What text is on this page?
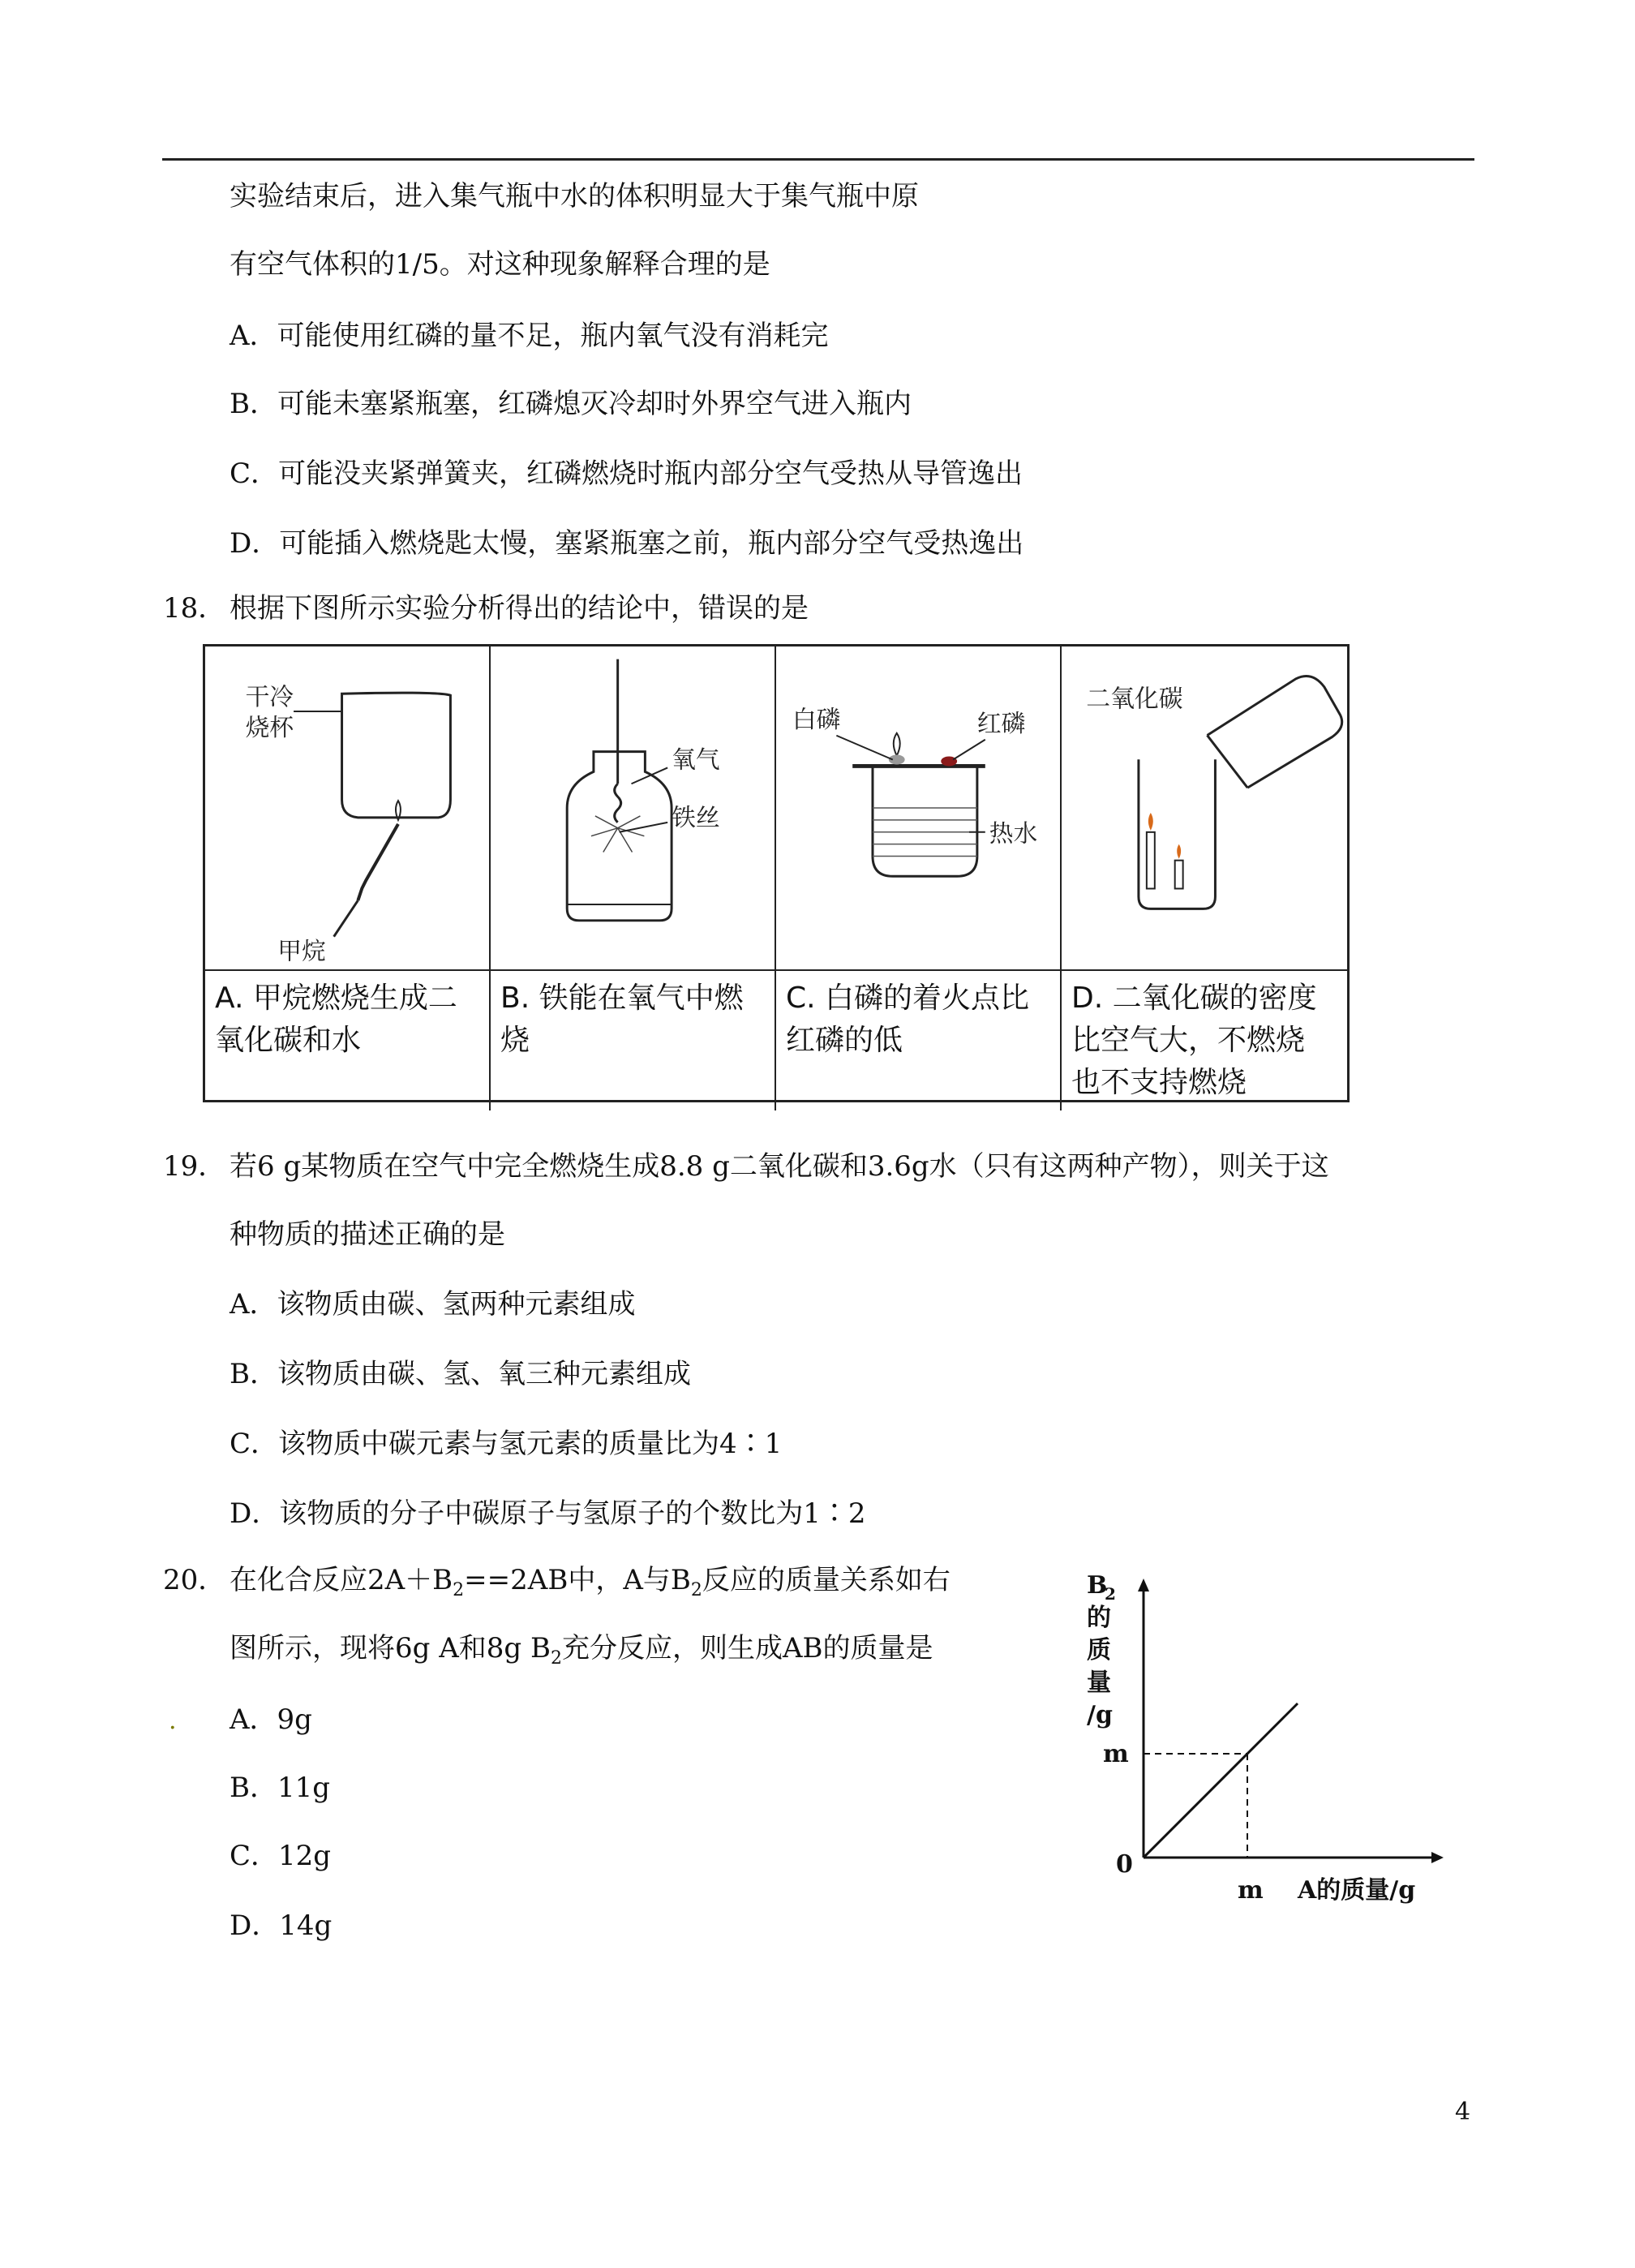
实验结束后，进入集气瓶中水的体积明显大于集气瓶中原
有空气体积的1/5。对这种现象解释合理的是
A．可能使用红磷的量不足，瓶内氧气没有消耗完
B．可能未塞紧瓶塞，红磷熄灭冷却时外界空气进入瓶内
C．可能没夹紧弹簧夹，红磷燃烧时瓶内部分空气受热从导管逸出
D．可能插入燃烧匙太慢，塞紧瓶塞之前，瓶内部分空气受热逸出
18． 根据下图所示实验分析得出的结论中，错误的是
干冷
烧杯
甲烷
氧气
铁丝
白磷	红磷
热水
二氧化碳
A. 甲烷燃烧生成二
氧化碳和水
B. 铁能在氧气中燃
烧
C. 白磷的着火点比
红磷的低
D. 二氧化碳的密度
比空气大，不燃烧
也不支持燃烧
19． 若6 g某物质在空气中完全燃烧生成8.8 g二氧化碳和3.6g水（只有这两种产物），则关于这
种物质的描述正确的是
A．该物质由碳、氢两种元素组成
B．该物质由碳、氢、氧三种元素组成
C．该物质中碳元素与氢元素的质量比为4∶1
D．该物质的分子中碳原子与氢原子的个数比为1∶2
20． 在化合反应$2A+B_2==2AB$中，A与$B_2$反应的质量关系如右
图所示，现将6g A和8g $B_2$充分反应，则生成AB的质量是
. A．9g
B．11g
C．12g
D．14g
B
2
的
质
量
/g
m
0
m A的质量/g
4
